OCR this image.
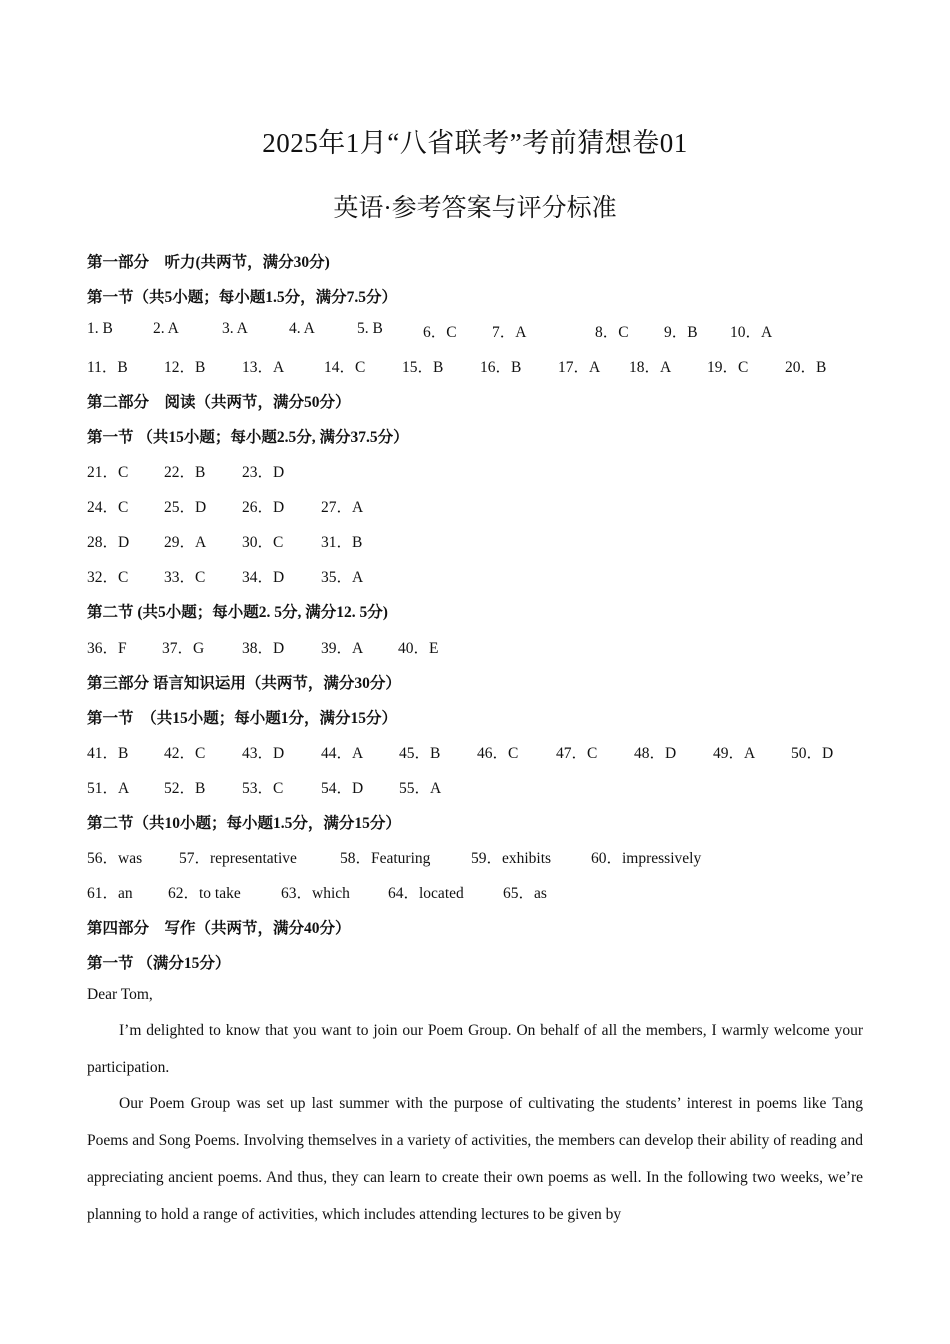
2025年1月“八省联考”考前猜想卷01
英语·参考答案与评分标准
第一部分　听力(共两节，满分30分)
第一节（共5小题；每小题1.5分，满分7.5分）
1. B	2. A	3. A	4. A	5. B	6．C 7．A	8．C 9．B 10．A
11．B 12．B 13．A	14．C 15．B 16．B 17．A 18．A 19．C 20．B
第二部分　阅读（共两节，满分50分）
第一节 （共15小题；每小题2.5分, 满分37.5分）
21．C 22．B 23．D
24．C 25．D 26．D 27．A
28．D 29．A 30．C 31．B
32．C 33．C 34．D 35．A
第二节 (共5小题；每小题2. 5分, 满分12. 5分)
36．F 37．G 38．D 39．A 40．E
第三部分 语言知识运用（共两节，满分30分）
第一节　（共15小题；每小题1分，满分15分）
41．B 42．C 43．D 44．A 45．B 46．C 47．C 48．D 49．A 50．D
51．A 52．B 53．C 54．D 55．A
第二节（共10小题；每小题1.5分，满分15分）
56．was 57．representative	58．Featuring	59．exhibits	60．impressively
61．an 62．to take	63．which 64．located	65．as
第四部分　写作（共两节，满分40分）
第一节 （满分15分）
Dear Tom,
I’m delighted to know that you want to join our Poem Group. On behalf of all the members, I warmly welcome your participation.
Our Poem Group was set up last summer with the purpose of cultivating the students’ interest in poems like Tang Poems and Song Poems. Involving themselves in a variety of activities, the members can develop their ability of reading and appreciating ancient poems. And thus, they can learn to create their own poems as well. In the following two weeks, we’re planning to hold a range of activities, which includes attending lectures to be given by
